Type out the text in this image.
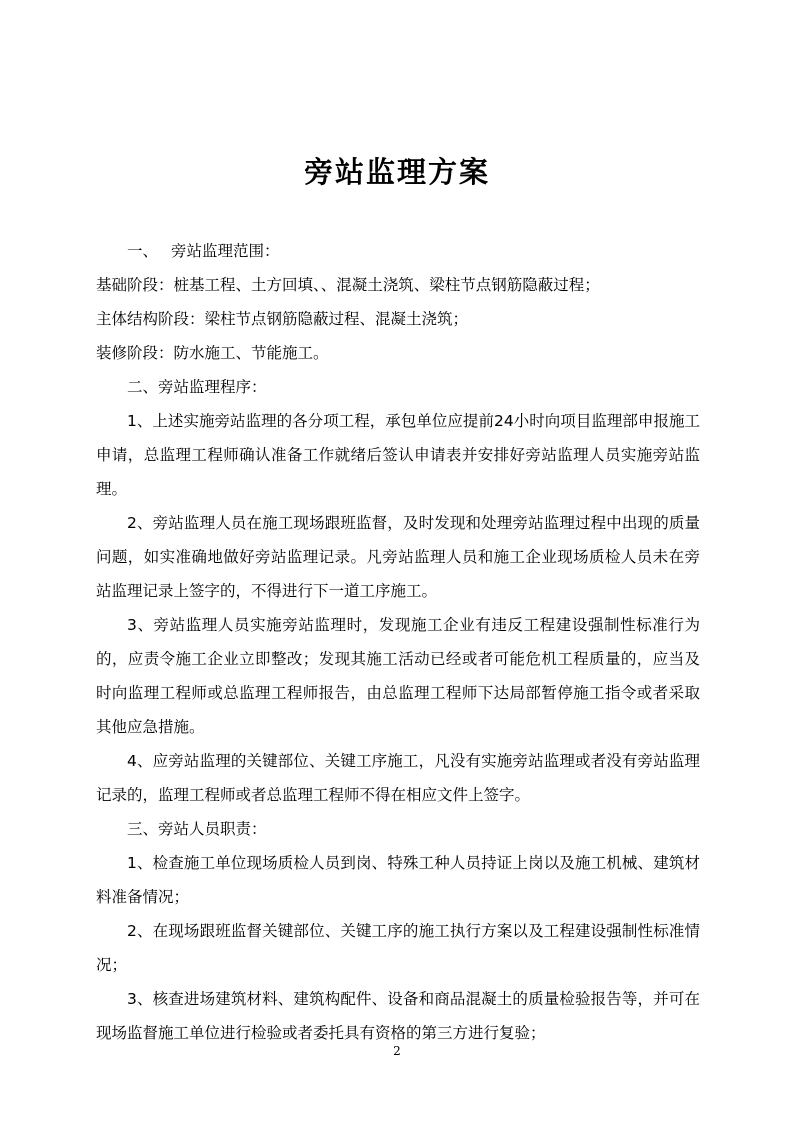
旁站监理方案

一、 旁站监理范围：

基础阶段：桩基工程、土方回填、、混凝土浇筑、梁柱节点钢筋隐蔽过程；

主体结构阶段：梁柱节点钢筋隐蔽过程、混凝土浇筑；

装修阶段：防水施工、节能施工。

二、旁站监理程序：

1、上述实施旁站监理的各分项工程，承包单位应提前24小时向项目监理部申报施工申请，总监理工程师确认准备工作就绪后签认申请表并安排好旁站监理人员实施旁站监理。

2、旁站监理人员在施工现场跟班监督，及时发现和处理旁站监理过程中出现的质量问题，如实准确地做好旁站监理记录。凡旁站监理人员和施工企业现场质检人员未在旁站监理记录上签字的，不得进行下一道工序施工。

3、旁站监理人员实施旁站监理时，发现施工企业有违反工程建设强制性标准行为的，应责令施工企业立即整改；发现其施工活动已经或者可能危机工程质量的，应当及时向监理工程师或总监理工程师报告，由总监理工程师下达局部暂停施工指令或者采取其他应急措施。

4、应旁站监理的关键部位、关键工序施工，凡没有实施旁站监理或者没有旁站监理记录的，监理工程师或者总监理工程师不得在相应文件上签字。

三、旁站人员职责：

1、检查施工单位现场质检人员到岗、特殊工种人员持证上岗以及施工机械、建筑材料准备情况；

2、在现场跟班监督关键部位、关键工序的施工执行方案以及工程建设强制性标准情况；

3、核查进场建筑材料、建筑构配件、设备和商品混凝土的质量检验报告等，并可在现场监督施工单位进行检验或者委托具有资格的第三方进行复验；

2
